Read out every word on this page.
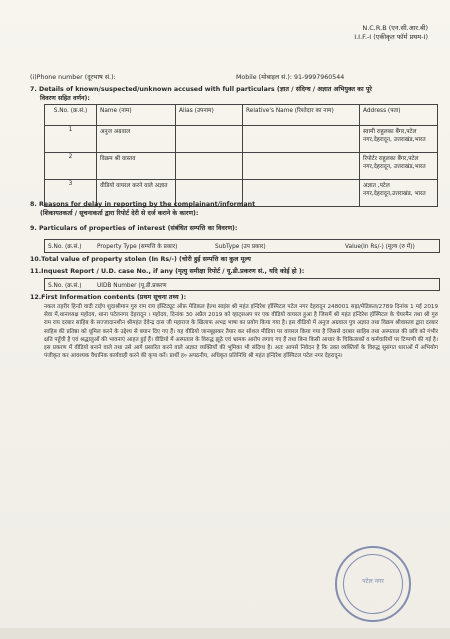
N.C.R.B (एन.सी.आर.बी)
I.I.F.-I (एकीकृत फॉर्म प्रथम-I)
(i)Phone number (दूरभाष सं.):	Mobile (मोबाइल सं.): 91-9997960544
7. Details of known/suspected/unknown accused with full particulars (ज्ञात / संदिग्ध / अज्ञात अभियुक्त का पूरे
विवरण सहित वर्णन):
S.No. (क्र.सं.)	Name (नाम)	Alias (उपनाम)	Relative's Name (रिश्तेदार का नाम)	Address (पता)
1	अनुज अग्रवाल			स्वामी राहुलका बैंगर,पटेल नगर,देहरादून, उत्तराखंड,भारत
2	विक्रम श्री वास्तव			रिपोर्टर राहुलका बैंगर,पटेल नगर,देहरादून, उत्तराखंड,भारत
3	वीडियो वायरल करने वाले अज्ञात			अज्ञात ,पटेल नगर,देहरादून,उत्तराखंड, भारत
8. Reasons for delay in reporting by the complainant/informant
(शिकायतकर्ता / सूचनाकर्ता द्वारा रिपोर्ट देरी से दर्ज कराने के कारण):
9. Particulars of properties of interest (संबंधित सम्पत्ति का विवरण):
S.No. (क्र.सं.)	Property Type (सम्पत्ति के प्रकार)	SubType (उप प्रकार)	Value(In Rs/-) (मूल्य (रु में))
10.Total value of property stolen (In Rs/-) (चोरी हुई सम्पत्ति का कुल मूल्य
11.Inquest Report / U.D. case No., if any (मृत्यु समीक्षा रिपोर्ट / यू.डी.प्रकरण सं., यदि कोई हो ):
S.No. (क्र.सं.)	UIDB Number (यू.डी.प्रकरण
12.First Information contents (प्रथम सूचना तथ्य ):
नकल तहरीर हिन्दी वादी टाईप शुदाश्रीमान गुरु राम राय इंस्टिट्यूट ऑफ़ मेडिकल हेल्थ साइंस श्री महंत इन्दिरेश हॉस्पिटल पटेल नगर देहरादून 248001 सह्रा/मेडिकल/2789 दिनांक 1 मई 2019 सेवा में,थानाध्यक्ष महोदय, थाना पटेलनगर देहरादून । महोदय, दिनांक 30 अप्रैल 2019 को व्हाट्सअप पर एक वीडियो वायरल हुआ है जिसमें श्री महंत इन्दिरेश हॉस्पिटल के चेयरमैन तथा श्री गुरु राम राय दरबार साहिब के सज्जादानशीन श्रीमहंत देवेन्द्र दास जी महाराज के खिलाफ अभद्र भाषा का प्रयोग किया गया है। इस वीडियो में अनुज अग्रवाल पुत्र अज्ञात तथा विक्रम श्रीवास्तव द्वारा दरबार साहिब की प्रतिष्ठा को धूमिल करने के उद्देश्य से बयान दिए गए हैं। यह वीडियो जानबूझकर तैयार कर सोशल मीडिया पर वायरल किया गया है जिससे दरबार साहिब तथा अस्पताल की छवि को गंभीर क्षति पहुँची है एवं श्रद्धालुओं की भावनाएं आहत हुई हैं। वीडियो में अस्पताल के विरुद्ध झूठे एवं भ्रामक आरोप लगाए गए हैं तथा बिना किसी आधार के चिकित्सकों व कर्मचारियों पर टिप्पणी की गई है। इस प्रकरण में वीडियो बनाने वाले तथा उसे आगे प्रसारित करने वाले अज्ञात व्यक्तियों की भूमिका भी संदिग्ध है। अतः आपसे निवेदन है कि उक्त व्यक्तियों के विरुद्ध सुसंगत धाराओं में अभियोग पंजीकृत कर आवश्यक वैधानिक कार्यवाही करने की कृपा करें। प्रार्थी ह० अपठनीय, अधिकृत प्रतिनिधि श्री महंत इन्दिरेश हॉस्पिटल पटेल नगर देहरादून।
पटेल नगर
